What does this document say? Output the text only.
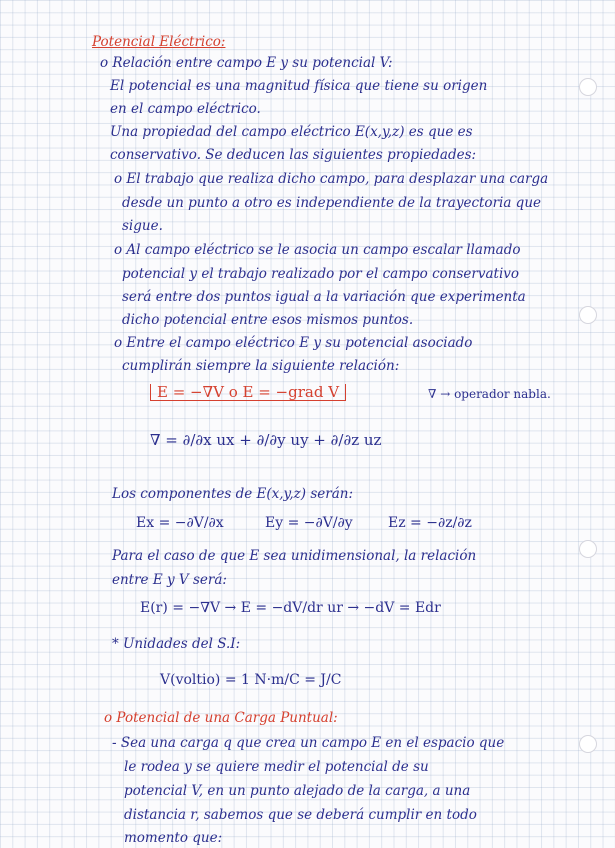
Potencial Eléctrico:
o Relación entre campo E y su potencial V:
El potencial es una magnitud física que tiene su origen
en el campo eléctrico.
Una propiedad del campo eléctrico E(x,y,z) es que es
conservativo. Se deducen las siguientes propiedades:
o El trabajo que realiza dicho campo, para desplazar una carga
desde un punto a otro es independiente de la trayectoria que
sigue.
o Al campo eléctrico se le asocia un campo escalar llamado
potencial y el trabajo realizado por el campo conservativo
será entre dos puntos igual a la variación que experimenta
dicho potencial entre esos mismos puntos.
o Entre el campo eléctrico E y su potencial asociado
cumplirán siempre la siguiente relación:
Los componentes de E(x,y,z) serán:
Para el caso de que E sea unidimensional, la relación
entre E y V será:
* Unidades del S.I:
o Potencial de una Carga Puntual:
- Sea una carga q que crea un campo E en el espacio que
le rodea y se quiere medir el potencial de su
potencial V, en un punto alejado de la carga, a una
distancia r, sabemos que se deberá cumplir en todo
momento que:
E = −∇V o E = −grad V	∇ → operador nabla.
∇ = ∂/∂x ux + ∂/∂y uy + ∂/∂z uz
Ex = −∂V/∂x	Ey = −∂V/∂y	Ez = −∂z/∂z
E(r) = −∇V → E = −dV/dr ur → −dV = Edr
V(voltio) = 1 N·m/C = J/C
